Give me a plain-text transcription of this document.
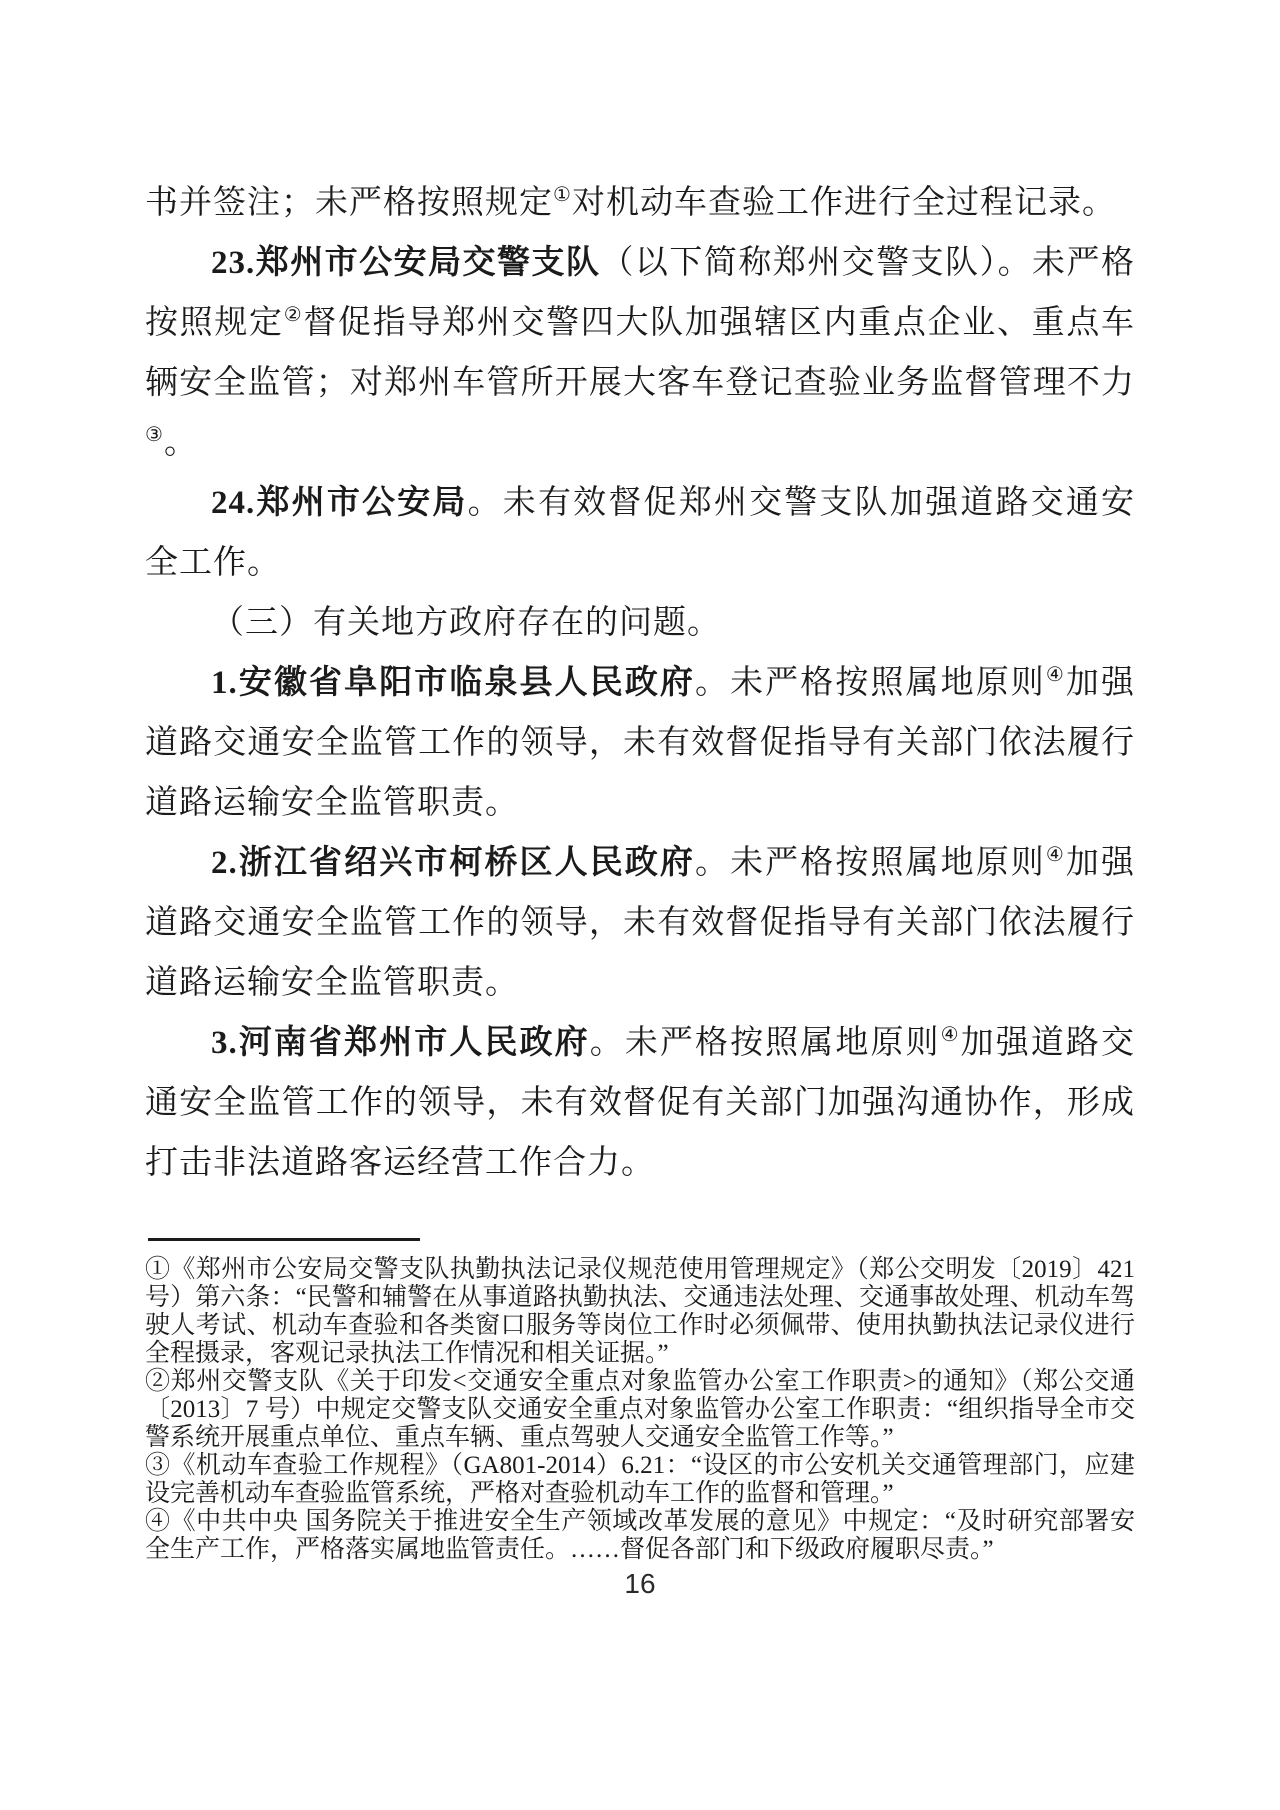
书并签注；未严格按照规定①对机动车查验工作进行全过程记录。

23.郑州市公安局交警支队（以下简称郑州交警支队）。未严格按照规定②督促指导郑州交警四大队加强辖区内重点企业、重点车辆安全监管；对郑州车管所开展大客车登记查验业务监督管理不力③。

24.郑州市公安局。未有效督促郑州交警支队加强道路交通安全工作。

（三）有关地方政府存在的问题。

1.安徽省阜阳市临泉县人民政府。未严格按照属地原则④加强道路交通安全监管工作的领导，未有效督促指导有关部门依法履行道路运输安全监管职责。

2.浙江省绍兴市柯桥区人民政府。未严格按照属地原则④加强道路交通安全监管工作的领导，未有效督促指导有关部门依法履行道路运输安全监管职责。

3.河南省郑州市人民政府。未严格按照属地原则④加强道路交通安全监管工作的领导，未有效督促有关部门加强沟通协作，形成打击非法道路客运经营工作合力。

①《郑州市公安局交警支队执勤执法记录仪规范使用管理规定》（郑公交明发〔2019〕421 号）第六条：“民警和辅警在从事道路执勤执法、交通违法处理、交通事故处理、机动车驾驶人考试、机动车查验和各类窗口服务等岗位工作时必须佩带、使用执勤执法记录仪进行全程摄录，客观记录执法工作情况和相关证据。”

②郑州交警支队《关于印发<交通安全重点对象监管办公室工作职责>的通知》（郑公交通〔2013〕7 号）中规定交警支队交通安全重点对象监管办公室工作职责：“组织指导全市交警系统开展重点单位、重点车辆、重点驾驶人交通安全监管工作等。”

③《机动车查验工作规程》（GA801-2014）6.21：“设区的市公安机关交通管理部门，应建设完善机动车查验监管系统，严格对查验机动车工作的监督和管理。”

④《中共中央 国务院关于推进安全生产领域改革发展的意见》中规定：“及时研究部署安全生产工作，严格落实属地监管责任。……督促各部门和下级政府履职尽责。”

16
